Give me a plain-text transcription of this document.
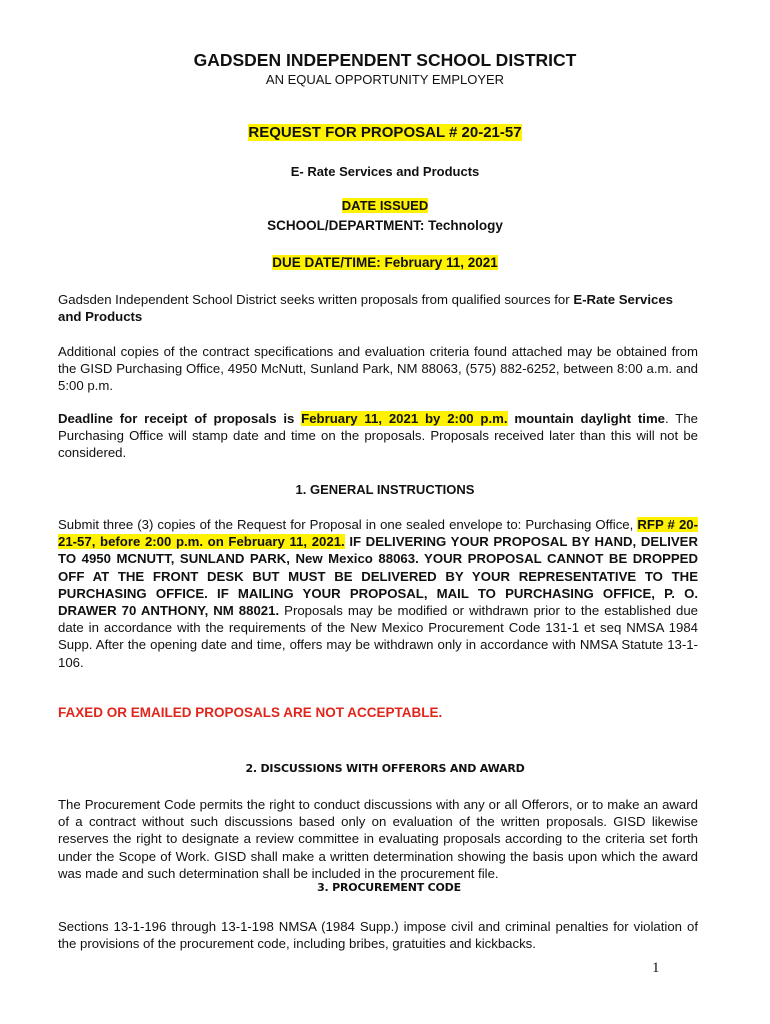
GADSDEN INDEPENDENT SCHOOL DISTRICT
AN EQUAL OPPORTUNITY EMPLOYER
REQUEST FOR PROPOSAL # 20-21-57
E- Rate Services and Products
DATE ISSUED
SCHOOL/DEPARTMENT: Technology
DUE DATE/TIME: February 11, 2021
Gadsden Independent School District seeks written proposals from qualified sources for E-Rate Services and Products
Additional copies of the contract specifications and evaluation criteria found attached may be obtained from the GISD Purchasing Office, 4950 McNutt, Sunland Park, NM 88063, (575) 882-6252, between 8:00 a.m. and 5:00 p.m.
Deadline for receipt of proposals is February 11, 2021 by 2:00 p.m. mountain daylight time. The Purchasing Office will stamp date and time on the proposals. Proposals received later than this will not be considered.
1. GENERAL INSTRUCTIONS
Submit three (3) copies of the Request for Proposal in one sealed envelope to: Purchasing Office, RFP # 20-21-57, before 2:00 p.m. on February 11, 2021. IF DELIVERING YOUR PROPOSAL BY HAND, DELIVER TO 4950 MCNUTT, SUNLAND PARK, New Mexico 88063. YOUR PROPOSAL CANNOT BE DROPPED OFF AT THE FRONT DESK BUT MUST BE DELIVERED BY YOUR REPRESENTATIVE TO THE PURCHASING OFFICE. IF MAILING YOUR PROPOSAL, MAIL TO PURCHASING OFFICE, P. O. DRAWER 70 ANTHONY, NM 88021. Proposals may be modified or withdrawn prior to the established due date in accordance with the requirements of the New Mexico Procurement Code 131-1 et seq NMSA 1984 Supp. After the opening date and time, offers may be withdrawn only in accordance with NMSA Statute 13-1-106.
FAXED OR EMAILED PROPOSALS ARE NOT ACCEPTABLE.
2. DISCUSSIONS WITH OFFERORS AND AWARD
The Procurement Code permits the right to conduct discussions with any or all Offerors, or to make an award of a contract without such discussions based only on evaluation of the written proposals. GISD likewise reserves the right to designate a review committee in evaluating proposals according to the criteria set forth under the Scope of Work. GISD shall make a written determination showing the basis upon which the award was made and such determination shall be included in the procurement file.
3. PROCUREMENT CODE
Sections 13-1-196 through 13-1-198 NMSA (1984 Supp.) impose civil and criminal penalties for violation of the provisions of the procurement code, including bribes, gratuities and kickbacks.
1
